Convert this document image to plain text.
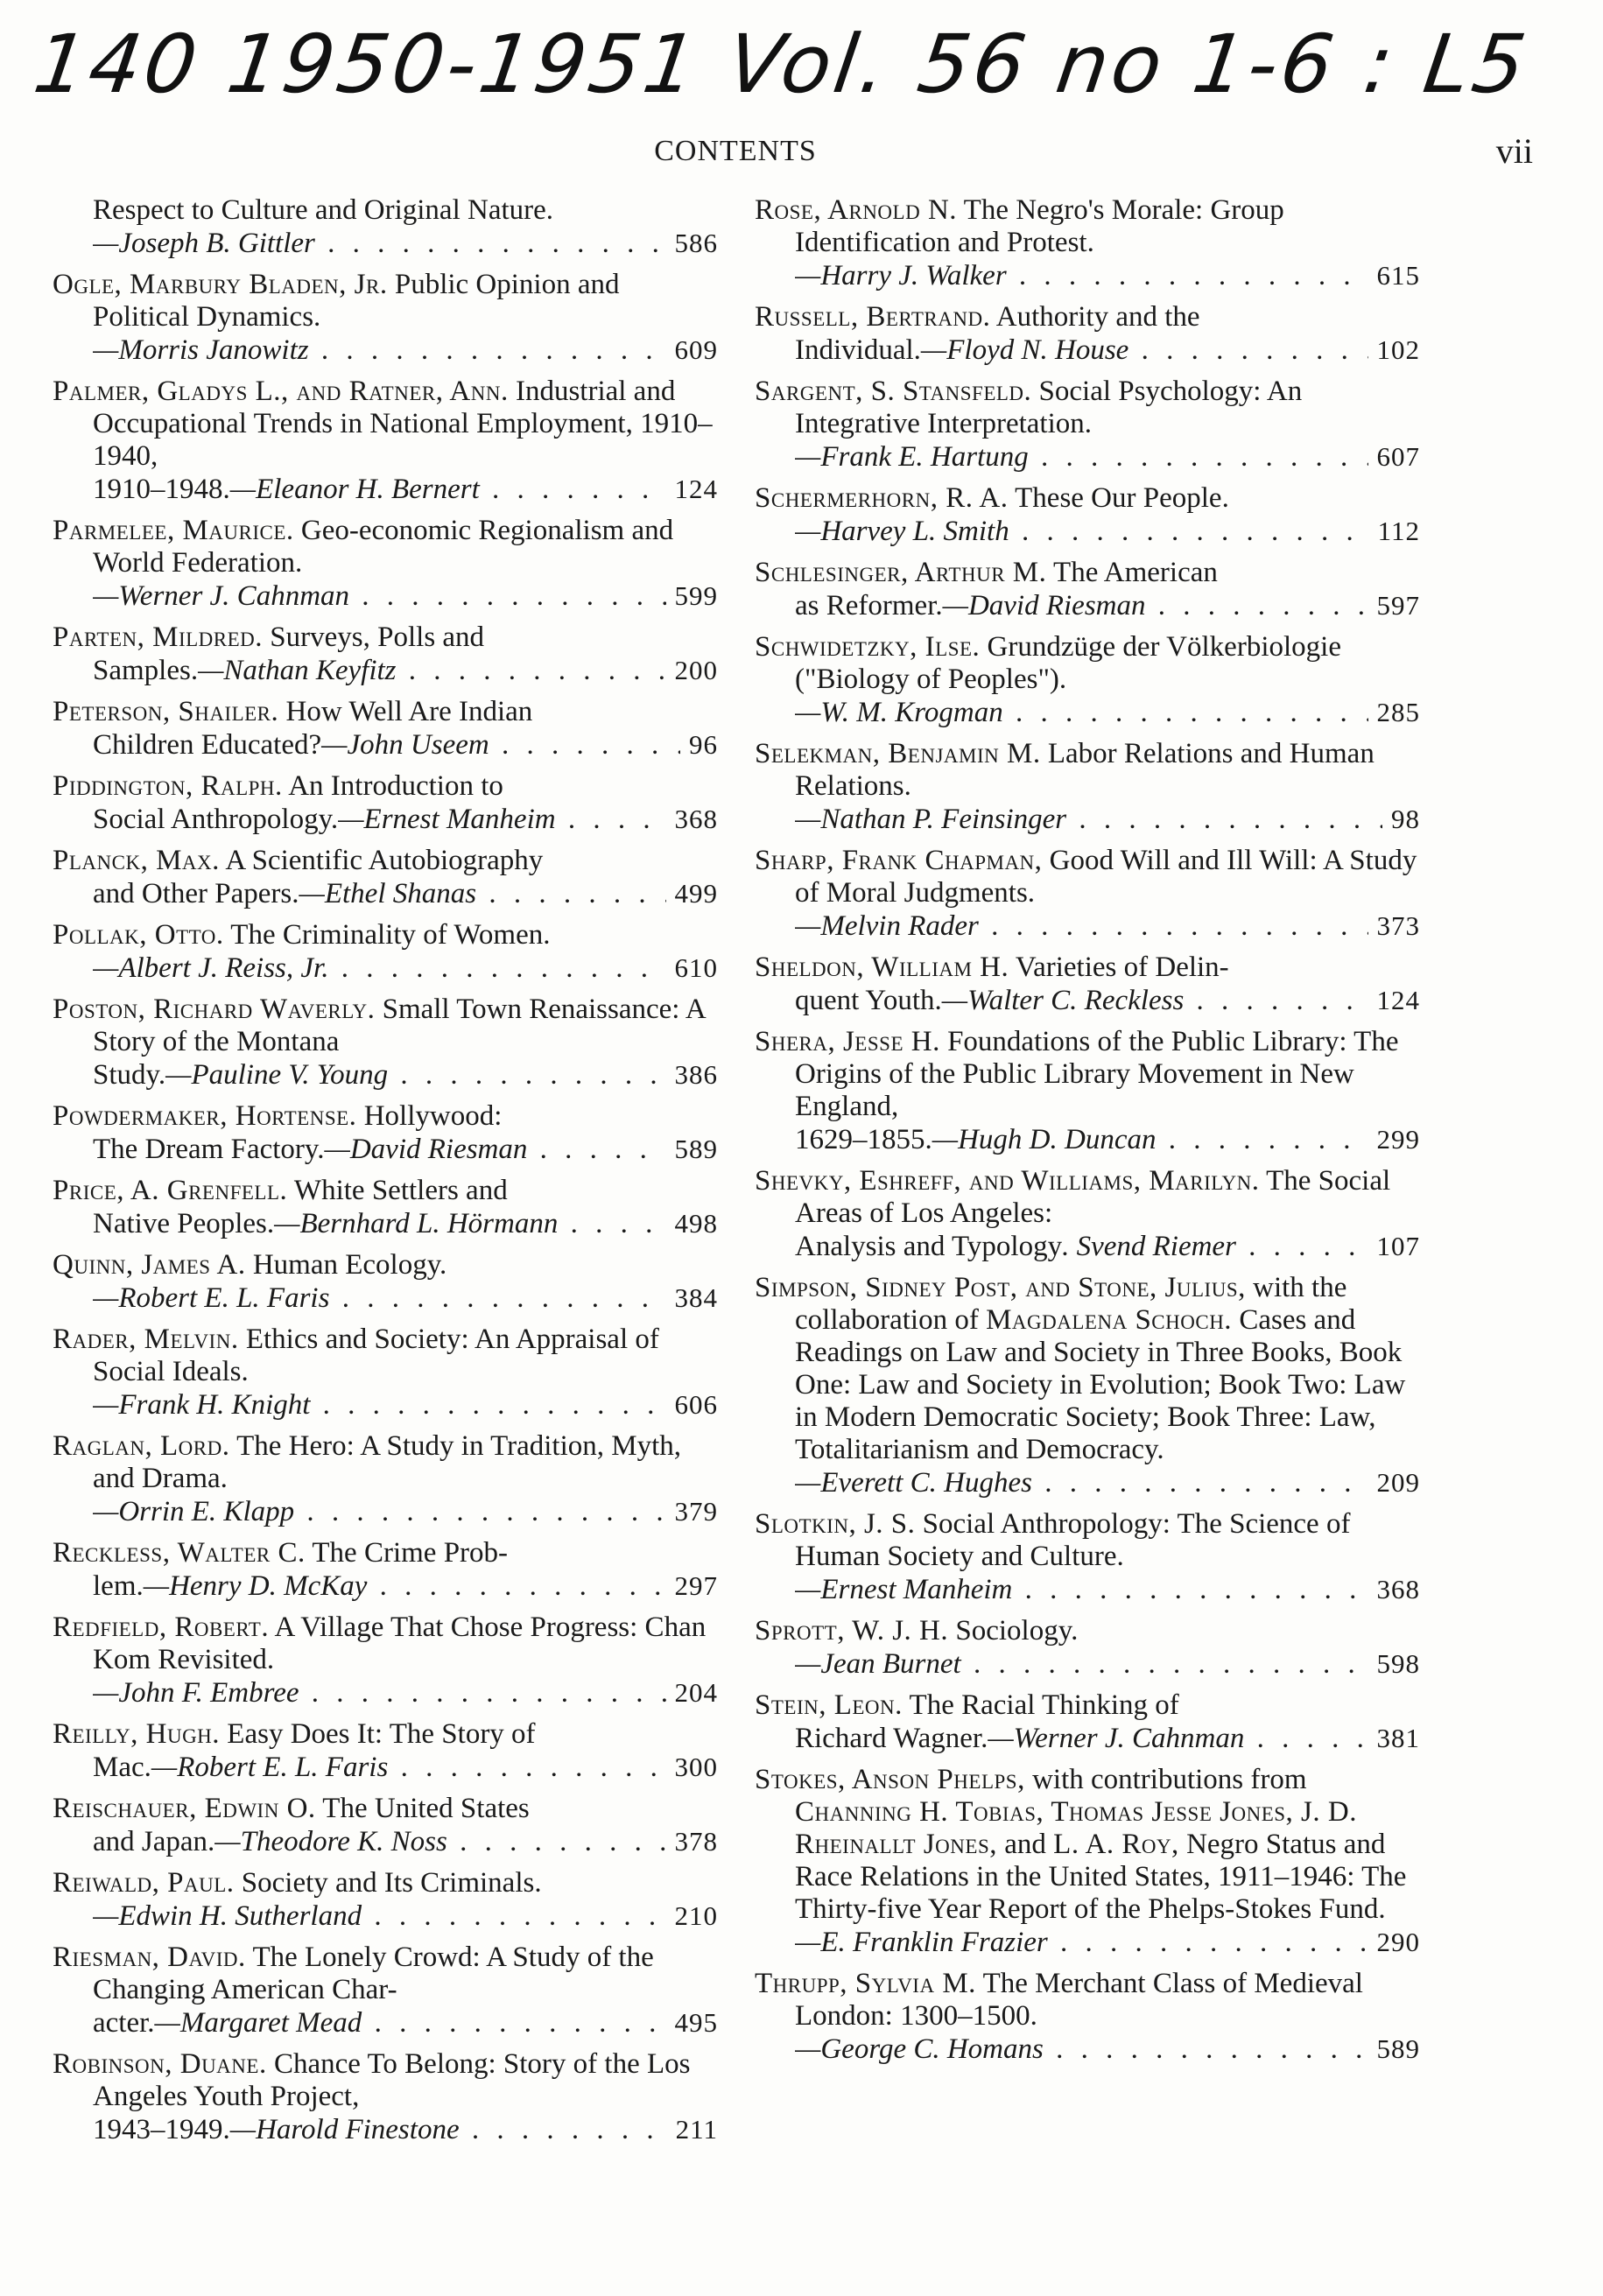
140 1950-1951 Vol. 56 no 1-6 : L5
CONTENTS	vii
Respect to Culture and Original Nature.
—Joseph B. Gittler . . .	586
Ogle, Marbury Bladen, Jr. Public Opinion and Political Dynamics.
—Morris Janowitz . . .	609
Palmer, Gladys L., and Ratner, Ann. Industrial and Occupational Trends in National Employment, 1910–1940,
1910–1948.—Eleanor H. Bernert . . .	124
Parmelee, Maurice. Geo-economic Regionalism and World Federation.
—Werner J. Cahnman . . .	599
Parten, Mildred. Surveys, Polls and
Samples.—Nathan Keyfitz . . .	200
Peterson, Shailer. How Well Are Indian
Children Educated?—John Useem . . .	96
Piddington, Ralph. An Introduction to
Social Anthropology.—Ernest Manheim . . .	368
Planck, Max. A Scientific Autobiography
and Other Papers.—Ethel Shanas . . .	499
Pollak, Otto. The Criminality of Women.
—Albert J. Reiss, Jr. . . .	610
Poston, Richard Waverly. Small Town Renaissance: A Story of the Montana
Study.—Pauline V. Young . . .	386
Powdermaker, Hortense. Hollywood:
The Dream Factory.—David Riesman . . .	589
Price, A. Grenfell. White Settlers and
Native Peoples.—Bernhard L. Hörmann . . .	498
Quinn, James A. Human Ecology.
—Robert E. L. Faris . . .	384
Rader, Melvin. Ethics and Society: An Appraisal of Social Ideals.
—Frank H. Knight . . .	606
Raglan, Lord. The Hero: A Study in Tradition, Myth, and Drama.
—Orrin E. Klapp . . .	379
Reckless, Walter C. The Crime Prob-
lem.—Henry D. McKay . . .	297
Redfield, Robert. A Village That Chose Progress: Chan Kom Revisited.
—John F. Embree . . .	204
Reilly, Hugh. Easy Does It: The Story of
Mac.—Robert E. L. Faris . . .	300
Reischauer, Edwin O. The United States
and Japan.—Theodore K. Noss . . .	378
Reiwald, Paul. Society and Its Criminals.
—Edwin H. Sutherland . . .	210
Riesman, David. The Lonely Crowd: A Study of the Changing American Char-
acter.—Margaret Mead . . .	495
Robinson, Duane. Chance To Belong: Story of the Los Angeles Youth Project,
1943–1949.—Harold Finestone . . .	211
Rose, Arnold N. The Negro's Morale: Group Identification and Protest.
—Harry J. Walker . . .	615
Russell, Bertrand. Authority and the
Individual.—Floyd N. House . . .	102
Sargent, S. Stansfeld. Social Psychology: An Integrative Interpretation.
—Frank E. Hartung . . .	607
Schermerhorn, R. A. These Our People.
—Harvey L. Smith . . .	112
Schlesinger, Arthur M. The American
as Reformer.—David Riesman . . .	597
Schwidetzky, Ilse. Grundzüge der Völkerbiologie ("Biology of Peoples").
—W. M. Krogman . . .	285
Selekman, Benjamin M. Labor Relations and Human Relations.
—Nathan P. Feinsinger . . .	98
Sharp, Frank Chapman, Good Will and Ill Will: A Study of Moral Judgments.
—Melvin Rader . . .	373
Sheldon, William H. Varieties of Delin-
quent Youth.—Walter C. Reckless . . .	124
Shera, Jesse H. Foundations of the Public Library: The Origins of the Public Library Movement in New England,
1629–1855.—Hugh D. Duncan . . .	299
Shevky, Eshreff, and Williams, Marilyn. The Social Areas of Los Angeles:
Analysis and Typology. Svend Riemer . . .	107
Simpson, Sidney Post, and Stone, Julius, with the collaboration of Magdalena Schoch. Cases and Readings on Law and Society in Three Books, Book One: Law and Society in Evolution; Book Two: Law in Modern Democratic Society; Book Three: Law, Totalitarianism and Democracy.
—Everett C. Hughes . . .	209
Slotkin, J. S. Social Anthropology: The Science of Human Society and Culture.
—Ernest Manheim . . .	368
Sprott, W. J. H. Sociology.
—Jean Burnet . . .	598
Stein, Leon. The Racial Thinking of
Richard Wagner.—Werner J. Cahnman . . .	381
Stokes, Anson Phelps, with contributions from Channing H. Tobias, Thomas Jesse Jones, J. D. Rheinallt Jones, and L. A. Roy, Negro Status and Race Relations in the United States, 1911–1946: The Thirty-five Year Report of the Phelps-Stokes Fund.
—E. Franklin Frazier . . .	290
Thrupp, Sylvia M. The Merchant Class of Medieval London: 1300–1500.
—George C. Homans . . .	589
